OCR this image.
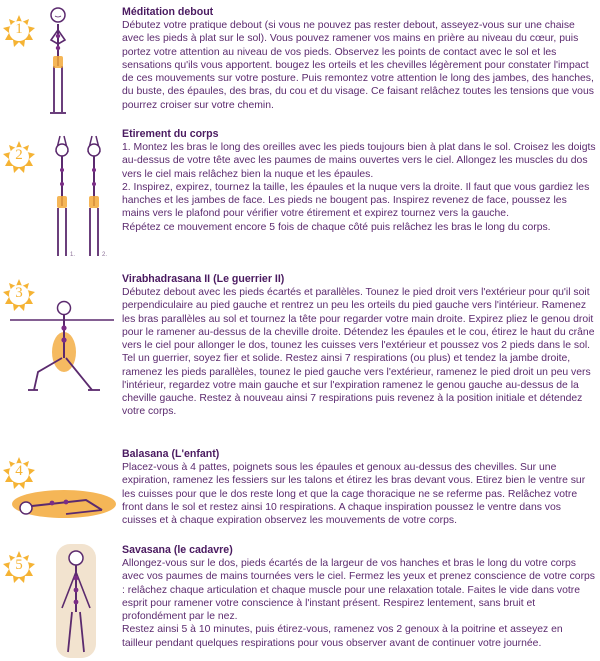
1
Méditation debout
Débutez votre pratique debout (si vous ne pouvez pas rester debout, asseyez-vous sur une chaise avec les pieds à plat sur le sol). Vous pouvez ramener vos mains en prière au niveau du cœur, puis portez votre attention au niveau de vos pieds. Observez les points de contact avec le sol et les sensations qu'ils vous apportent. bougez les orteils et les chevilles légèrement pour constater l'impact de ces mouvements sur votre posture. Puis remontez votre attention le long des jambes, des hanches, du buste, des épaules, des bras, du cou et du visage. Ce faisant relâchez toutes les tensions que vous pourrez croiser sur votre chemin.
2
1.	2.
Etirement du corps
1. Montez les bras le long des oreilles avec les pieds toujours bien à plat dans le sol. Croisez les doigts au-dessus de votre tête avec les paumes de mains ouvertes vers le ciel. Allongez les muscles du dos vers le ciel mais relâchez bien la nuque et les épaules.
2. Inspirez, expirez, tournez la taille, les épaules et la nuque vers la droite. Il faut que vous gardiez les hanches et les jambes de face. Les pieds ne bougent pas. Inspirez revenez de face, poussez les mains vers le plafond pour vérifier votre étirement et expirez tournez vers la gauche.
Répétez ce mouvement encore 5 fois de chaque côté puis relâchez les bras le long du corps.
3
Virabhadrasana II (Le guerrier II)
Débutez debout avec les pieds écartés et parallèles. Tounez le pied droit vers l'extérieur pour qu'il soit perpendiculaire au pied gauche et rentrez un peu les orteils du pied gauche vers l'intérieur. Ramenez les bras parallèles au sol et tournez la tête pour regarder votre main droite. Expirez pliez le genou droit pour le ramener au-dessus de la cheville droite. Détendez les épaules et le cou, étirez le haut du crâne vers le ciel pour allonger le dos, tounez les cuisses vers l'extérieur et poussez vos 2 pieds dans le sol. Tel un guerrier, soyez fier et solide. Restez ainsi 7 respirations (ou plus) et tendez la jambe droite, ramenez les pieds parallèles, tounez le pied gauche vers l'extérieur, ramenez le pied droit un peu vers l'intérieur, regardez votre main gauche et sur l'expiration ramenez le genou gauche au-dessus de la cheville gauche. Restez à nouveau ainsi 7 respirations puis revenez à la position initiale et détendez votre corps.
4
Balasana (L'enfant)
Placez-vous à 4 pattes, poignets sous les épaules et genoux au-dessus des chevilles. Sur une expiration, ramenez les fessiers sur les talons et étirez les bras devant vous. Etirez bien le ventre sur les cuisses pour que le dos reste long et que la cage thoracique ne se referme pas. Relâchez votre front dans le sol et restez ainsi 10 respirations. A chaque inspiration poussez le ventre dans vos cuisses et à chaque expiration observez les mouvements de votre corps.
5
Savasana (le cadavre)
Allongez-vous sur le dos, pieds écartés de la largeur de vos hanches et bras le long du votre corps avec vos paumes de mains tournées vers le ciel. Fermez les yeux et prenez conscience de votre corps : relâchez chaque articulation et chaque muscle pour une relaxation totale. Faites le vide dans votre esprit pour ramener votre conscience à l'instant présent. Respirez lentement, sans bruit et profondément par le nez.
Restez ainsi 5 à 10 minutes, puis étirez-vous, ramenez vos 2 genoux à la poitrine et asseyez en tailleur pendant quelques respirations pour vous observer avant de continuer votre journée.
